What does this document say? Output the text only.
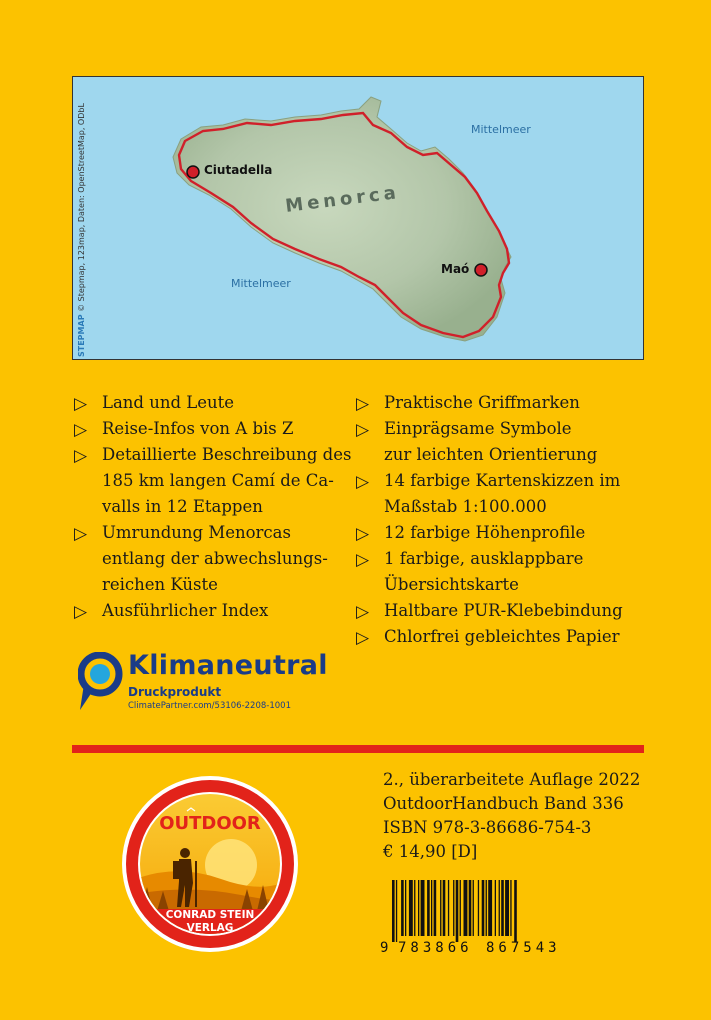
STEPMAP © Stepmap, 123map, Daten: OpenStreetMap, ODbL	Mittelmeer
Mittelmeer
Menorca
Ciutadella
Maó
▷ Land und Leute
▷ Reise-Infos von A bis Z
▷ Detaillierte Beschreibung des
185 km langen Camí de Ca-
valls in 12 Etappen
▷ Umrundung Menorcas
entlang der abwechslungs-
reichen Küste
▷ Ausführlicher Index
▷ Praktische Griffmarken
▷ Einprägsame Symbole
zur leichten Orientierung
▷ 14 farbige Kartenskizzen im
Maßstab 1:100.000
▷ 12 farbige Höhenprofile
▷ 1 farbige, ausklappbare
Übersichtskarte
▷ Haltbare PUR-Klebebindung
▷ Chlorfrei gebleichtes Papier
Klimaneutral
Druckprodukt
ClimatePartner.com/53106-2208-1001
OUTDOOR
CONRAD STEIN
VERLAG
2., überarbeitete Auflage 2022
OutdoorHandbuch Band 336
ISBN 978-3-86686-754-3
€ 14,90 [D]
9 783866 867543
